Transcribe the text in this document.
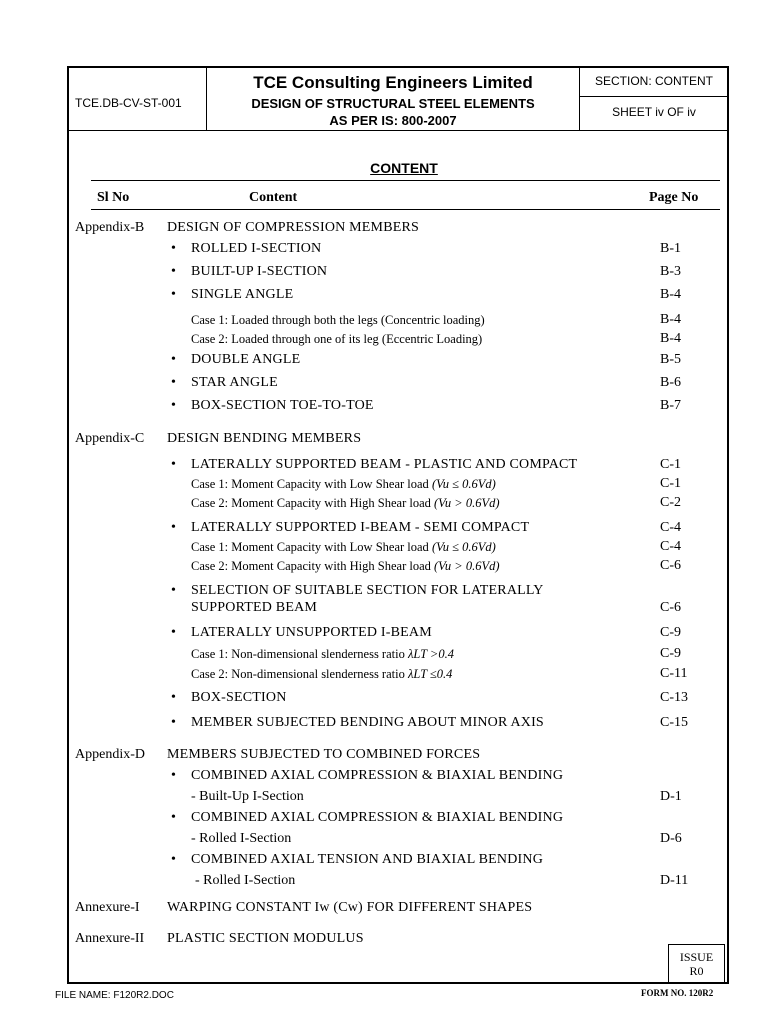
TCE.DB-CV-ST-001
TCE Consulting Engineers Limited
DESIGN OF STRUCTURAL STEEL ELEMENTS
AS PER IS: 800-2007
SECTION: CONTENT
SHEET iv OF iv
CONTENT
Sl No	Content	Page No
Appendix-B DESIGN OF COMPRESSION MEMBERS
• ROLLED I-SECTION	B-1
• BUILT-UP I-SECTION	B-3
• SINGLE ANGLE	B-4
Case 1: Loaded through both the legs (Concentric loading)	B-4
Case 2: Loaded through one of its leg (Eccentric Loading)	B-4
• DOUBLE ANGLE	B-5
• STAR ANGLE	B-6
• BOX-SECTION TOE-TO-TOE	B-7
Appendix-C DESIGN BENDING MEMBERS
• LATERALLY SUPPORTED BEAM - PLASTIC AND COMPACT	C-1
Case 1: Moment Capacity with Low Shear load (Vu ≤ 0.6Vd)	C-1
Case 2: Moment Capacity with High Shear load (Vu > 0.6Vd)	C-2
• LATERALLY SUPPORTED I-BEAM - SEMI COMPACT	C-4
Case 1: Moment Capacity with Low Shear load (Vu ≤ 0.6Vd)	C-4
Case 2: Moment Capacity with High Shear load (Vu > 0.6Vd)	C-6
• SELECTION OF SUITABLE SECTION FOR LATERALLY
SUPPORTED BEAM	C-6
• LATERALLY UNSUPPORTED I-BEAM	C-9
Case 1: Non-dimensional slenderness ratio λLT >0.4	C-9
Case 2: Non-dimensional slenderness ratio λLT ≤0.4	C-11
• BOX-SECTION	C-13
• MEMBER SUBJECTED BENDING ABOUT MINOR AXIS	C-15
Appendix-D MEMBERS SUBJECTED TO COMBINED FORCES
• COMBINED AXIAL COMPRESSION & BIAXIAL BENDING
- Built-Up I-Section	D-1
• COMBINED AXIAL COMPRESSION & BIAXIAL BENDING
- Rolled I-Section	D-6
• COMBINED AXIAL TENSION AND BIAXIAL BENDING
- Rolled I-Section	D-11
Annexure-I WARPING CONSTANT Iw (Cw) FOR DIFFERENT SHAPES
Annexure-II PLASTIC SECTION MODULUS
ISSUE
R0
FILE NAME: F120R2.DOC	FORM NO. 120R2
